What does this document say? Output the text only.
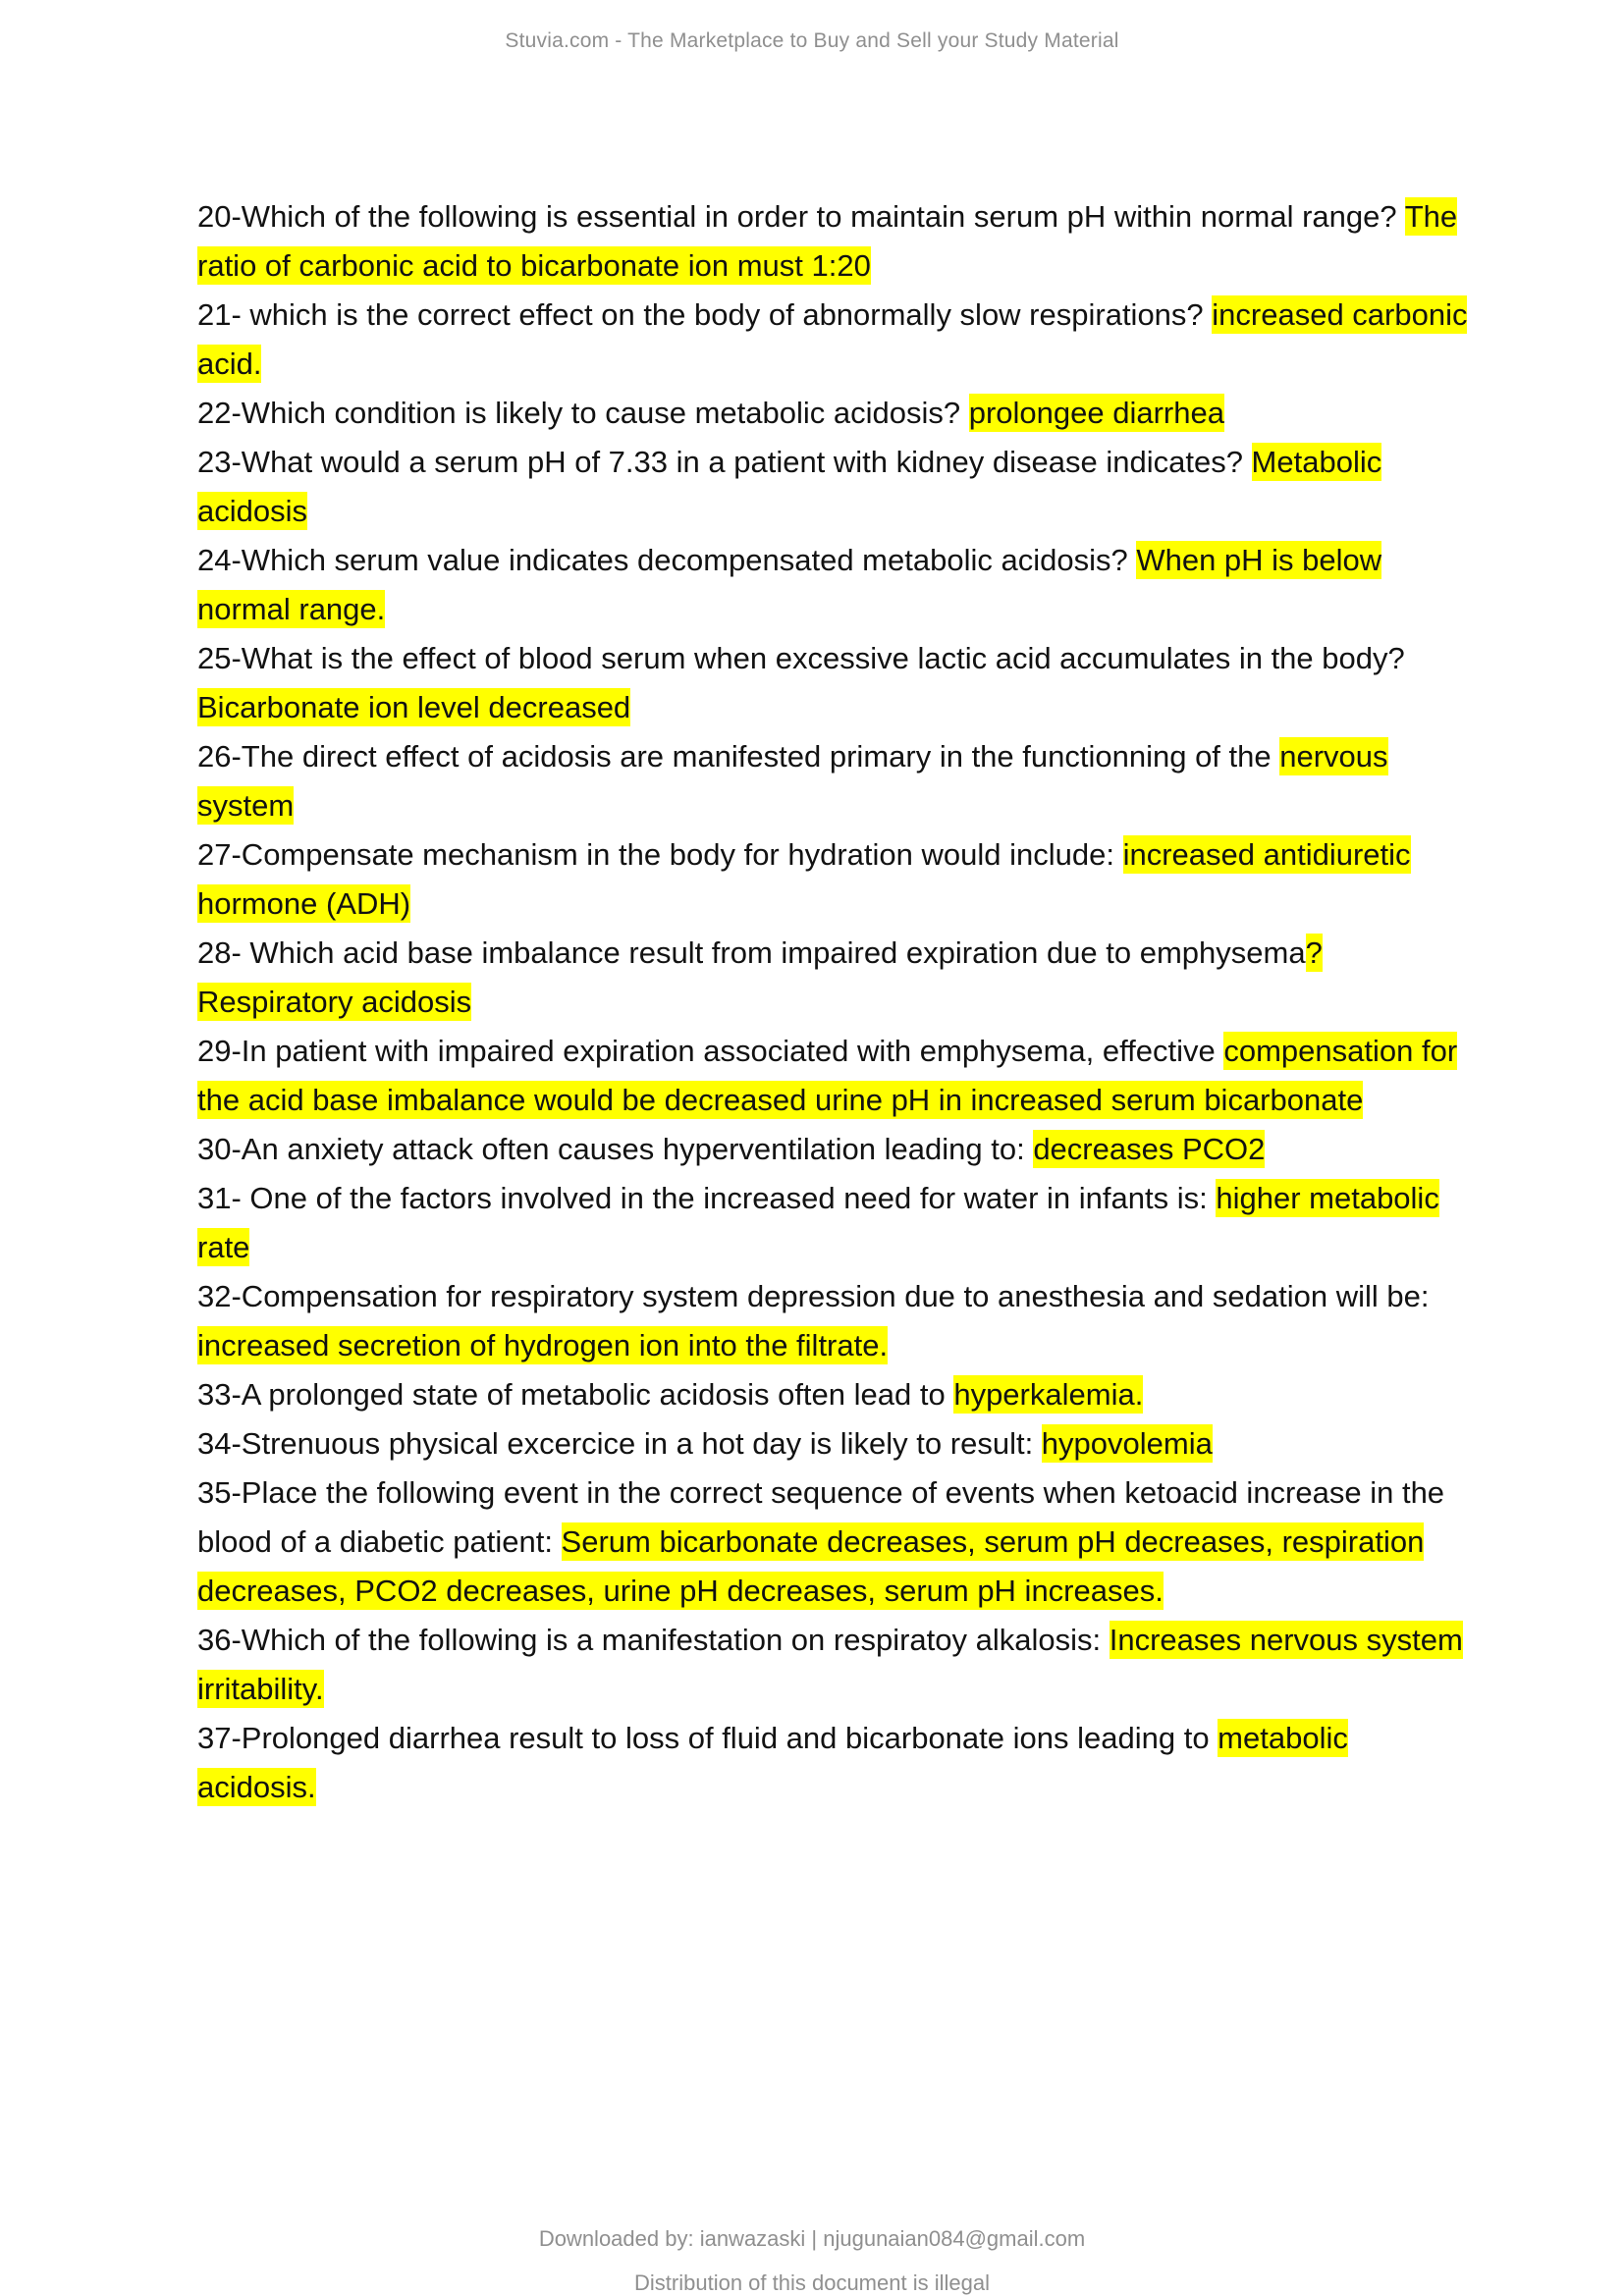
Stuvia.com - The Marketplace to Buy and Sell your Study Material

20-Which of the following is essential in order to maintain serum pH within normal range? The ratio of carbonic acid to bicarbonate ion must 1:20

21- which is the correct effect on the body of abnormally slow respirations? increased carbonic acid.

22-Which condition is likely to cause metabolic acidosis? prolongee diarrhea

23-What would a serum pH of 7.33 in a patient with kidney disease indicates? Metabolic acidosis

24-Which serum value indicates decompensated metabolic acidosis? When pH is below normal range.

25-What is the effect of blood serum when excessive lactic acid accumulates in the body? Bicarbonate ion level decreased

26-The direct effect of acidosis are manifested primary in the functionning of the nervous system

27-Compensate mechanism in the body for hydration would include: increased antidiuretic hormone (ADH)

28- Which acid base imbalance result from impaired expiration due to emphysema? Respiratory acidosis

29-In patient with impaired expiration associated with emphysema, effective compensation for the acid base imbalance would be decreased urine pH in increased serum bicarbonate

30-An anxiety attack often causes hyperventilation leading to: decreases PCO2

31- One of the factors involved in the increased need for water in infants is: higher metabolic rate

32-Compensation for respiratory system depression due to anesthesia and sedation will be: increased secretion of hydrogen ion into the filtrate.

33-A prolonged state of metabolic acidosis often lead to hyperkalemia.

34-Strenuous physical excercice in a hot day is likely to result: hypovolemia

35-Place the following event in the correct sequence of events when ketoacid increase in the blood of a diabetic patient: Serum bicarbonate decreases, serum pH decreases, respiration decreases, PCO2 decreases, urine pH decreases, serum pH increases.

36-Which of the following is a manifestation on respiratoy alkalosis: Increases nervous system irritability.

37-Prolonged diarrhea result to loss of fluid and bicarbonate ions leading to metabolic acidosis.

Downloaded by: ianwazaski | njugunaian084@gmail.com
Distribution of this document is illegal
